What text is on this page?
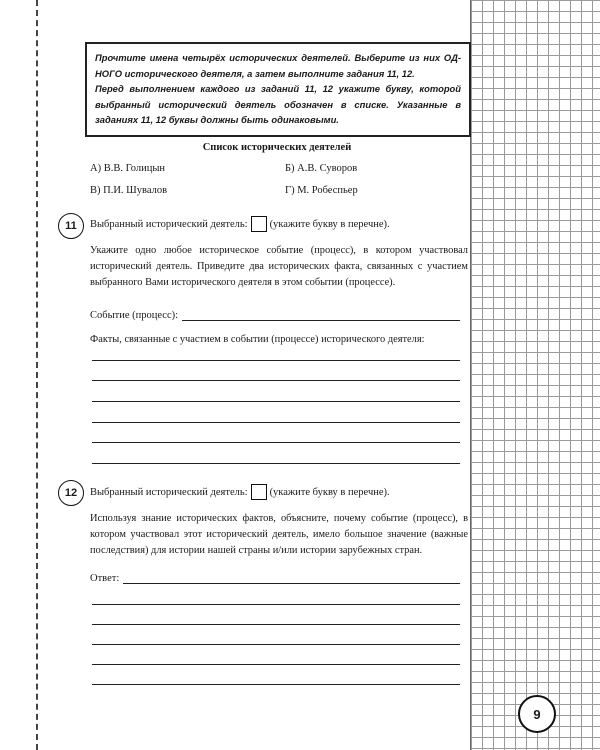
Прочтите имена четырёх исторических деятелей. Выберите из них ОД-НОГО исторического деятеля, а затем выполните задания 11, 12.

Перед выполнением каждого из заданий 11, 12 укажите букву, которой выбранный исторический деятель обозначен в списке. Указанные в заданиях 11, 12 буквы должны быть одинаковыми.

Список исторических деятелей
А) В.В. Голицын	Б) А.В. Суворов
В) П.И. Шувалов	Г) М. Робеспьер
11	Выбранный исторический деятель: (укажите букву в перечне).
Укажите одно любое историческое событие (процесс), в котором участвовал исторический деятель. Приведите два исторических факта, связанных с участием выбранного Вами исторического деятеля в этом событии (процессе).
Событие (процесс):
Факты, связанные с участием в событии (процессе) исторического деятеля:
12	Выбранный исторический деятель: (укажите букву в перечне).
Используя знание исторических фактов, объясните, почему событие (процесс), в котором участвовал этот исторический деятель, имело большое значение (важные последствия) для истории нашей страны и/или истории зарубежных стран.
Ответ:
9
